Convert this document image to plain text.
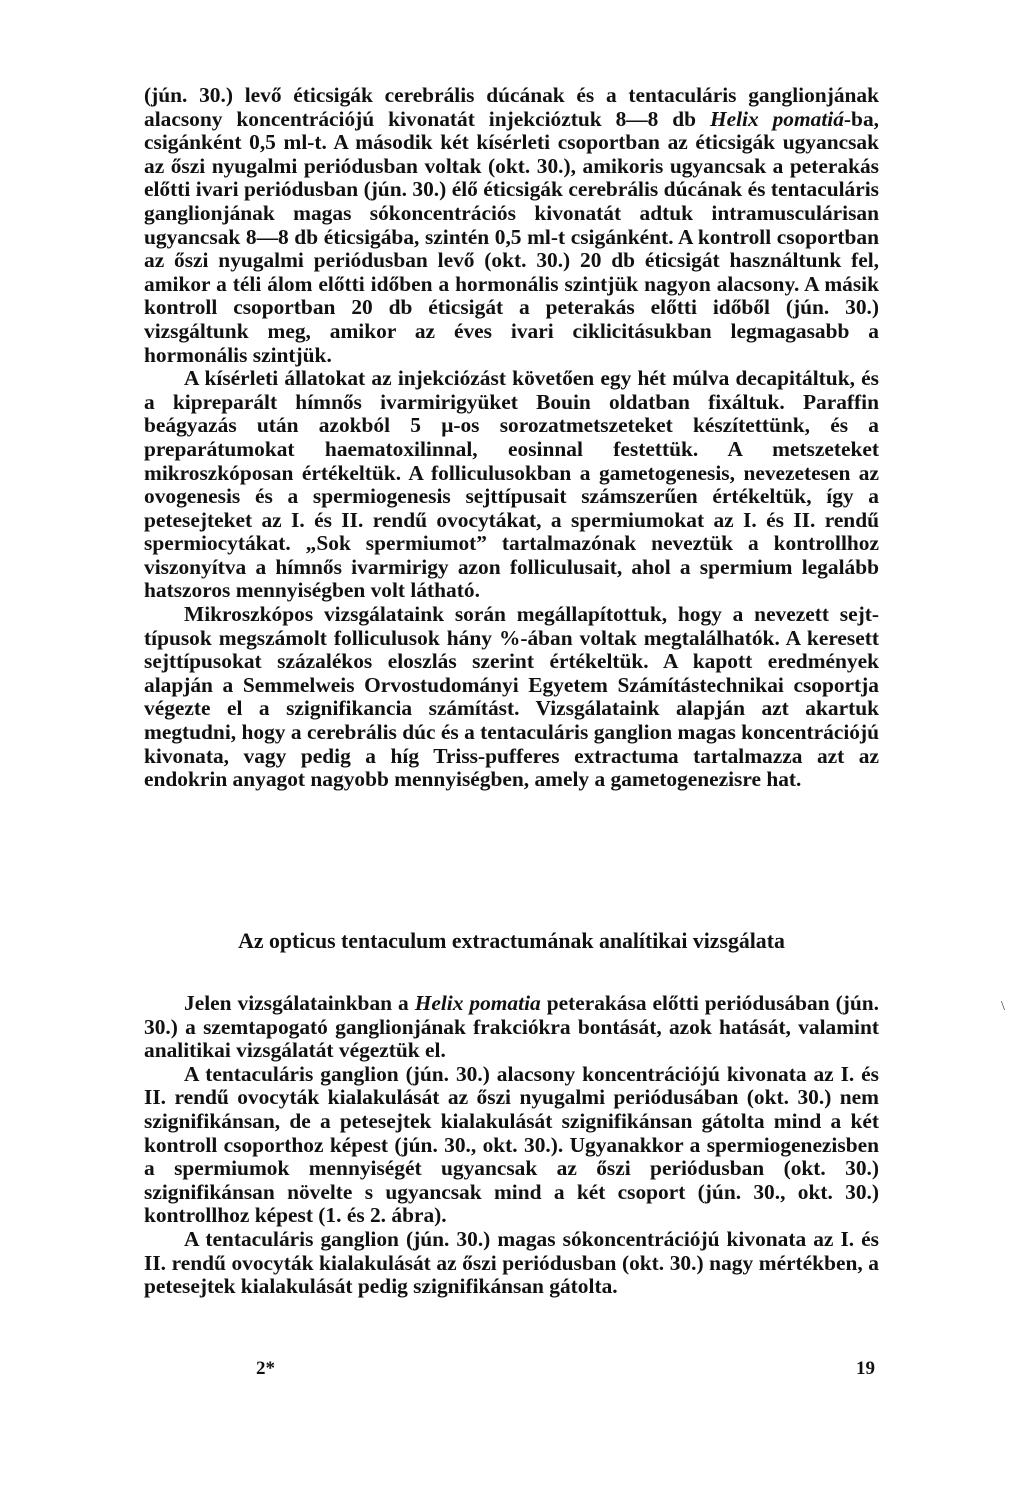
(jún. 30.) levő éticsigák cerebrális dúcának és a tentaculáris ganglionjának alacsony koncentrációjú kivonatát injekcióztuk 8—8 db Helix pomatiá-ba, csigánként 0,5 ml-t. A második két kísérleti csoportban az éticsigák ugyancsak az őszi nyugalmi periódusban voltak (okt. 30.), amikoris ugyancsak a peterakás előtti ivari periódusban (jún. 30.) élő éticsigák cerebrális dúcának és tentaculáris ganglionjának magas sókoncentrációs kivonatát adtuk intramusculárisan ugyancsak 8—8 db éticsigába, szintén 0,5 ml-t csigánként. A kontroll csoportban az őszi nyugalmi periódusban levő (okt. 30.) 20 db éticsigát használtunk fel, amikor a téli álom előtti időben a hormonális szintjük nagyon alacsony. A másik kontroll csoportban 20 db éticsigát a peterakás előtti időből (jún. 30.) vizsgáltunk meg, amikor az éves ivari ciklicitásukban legmagasabb a hormonális szintjük.

A kísérleti állatokat az injekciózást követően egy hét múlva decapitáltuk, és a kipreparált hímnős ivarmirigyüket Bouin oldatban fixáltuk. Paraffin beágyazás után azokból 5 μ-os sorozatmetszeteket készítettünk, és a preparátumokat haematoxilinnal, eosinnal festettük. A metszeteket mikroszkóposan értékeltük. A folliculusokban a gametogenesis, nevezetesen az ovogenesis és a spermiogenesis sejttípusait számszerűen értékeltük, így a petesejteket az I. és II. rendű ovocytákat, a spermiumokat az I. és II. rendű spermiocytákat. „Sok spermiumot” tartalmazónak neveztük a kontrollhoz viszonyítva a hímnős ivarmirigy azon folliculusait, ahol a spermium legalább hatszoros mennyiségben volt látható.

Mikroszkópos vizsgálataink során megállapítottuk, hogy a nevezett sejttípusok megszámolt folliculusok hány %-ában voltak megtalálhatók. A keresett sejttípusokat százalékos eloszlás szerint értékeltük. A kapott eredmények alapján a Semmelweis Orvostudományi Egyetem Számítástechnikai csoportja végezte el a szignifikancia számítást. Vizsgálataink alapján azt akartuk megtudni, hogy a cerebrális dúc és a tentaculáris ganglion magas koncentrációjú kivonata, vagy pedig a híg Triss-pufferes extractuma tartalmazza azt az endokrin anyagot nagyobb mennyiségben, amely a gametogenezisre hat.

Az opticus tentaculum extractumának analítikai vizsgálata

Jelen vizsgálatainkban a Helix pomatia peterakása előtti periódusában (jún. 30.) a szemtapogató ganglionjának frakciókra bontását, azok hatását, valamint analitikai vizsgálatát végeztük el.

A tentaculáris ganglion (jún. 30.) alacsony koncentrációjú kivonata az I. és II. rendű ovocyták kialakulását az őszi nyugalmi periódusában (okt. 30.) nem szignifikánsan, de a petesejtek kialakulását szignifikánsan gátolta mind a két kontroll csoporthoz képest (jún. 30., okt. 30.). Ugyanakkor a spermiogenezisben a spermiumok mennyiségét ugyancsak az őszi periódusban (okt. 30.) szignifikánsan növelte s ugyancsak mind a két csoport (jún. 30., okt. 30.) kontrollhoz képest (1. és 2. ábra).

A tentaculáris ganglion (jún. 30.) magas sókoncentrációjú kivonata az I. és II. rendű ovocyták kialakulását az őszi periódusban (okt. 30.) nagy mértékben, a petesejtek kialakulását pedig szignifikánsan gátolta.

\

2*	19
